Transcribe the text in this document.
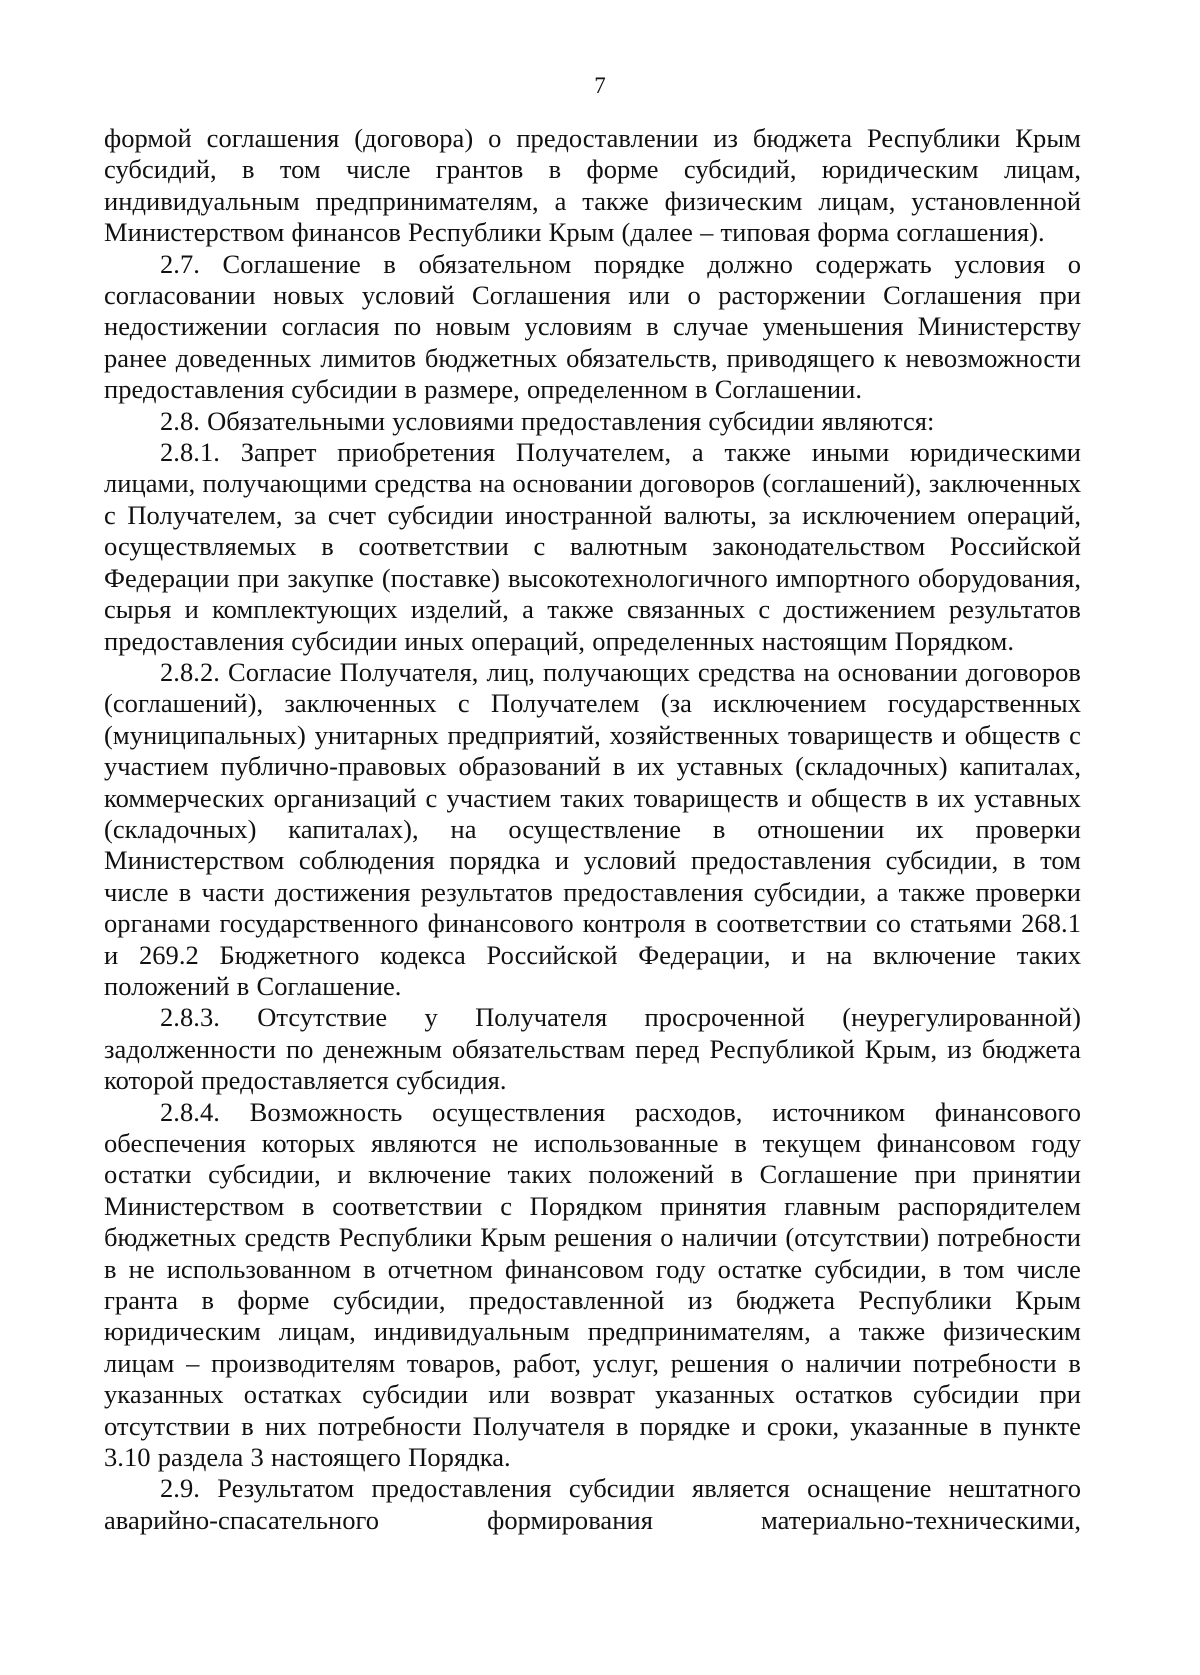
7

формой соглашения (договора) о предоставлении из бюджета Республики Крым субсидий, в том числе грантов в форме субсидий, юридическим лицам, индивидуальным предпринимателям, а также физическим лицам, установленной Министерством финансов Республики Крым (далее – типовая форма соглашения).

2.7. Соглашение в обязательном порядке должно содержать условия о согласовании новых условий Соглашения или о расторжении Соглашения при недостижении согласия по новым условиям в случае уменьшения Министерству ранее доведенных лимитов бюджетных обязательств, приводящего к невозможности предоставления субсидии в размере, определенном в Соглашении.

2.8. Обязательными условиями предоставления субсидии являются:

2.8.1. Запрет приобретения Получателем, а также иными юридическими лицами, получающими средства на основании договоров (соглашений), заключенных с Получателем, за счет субсидии иностранной валюты, за исключением операций, осуществляемых в соответствии с валютным законодательством Российской Федерации при закупке (поставке) высокотехнологичного импортного оборудования, сырья и комплектующих изделий, а также связанных с достижением результатов предоставления субсидии иных операций, определенных настоящим Порядком.

2.8.2. Согласие Получателя, лиц, получающих средства на основании договоров (соглашений), заключенных с Получателем (за исключением государственных (муниципальных) унитарных предприятий, хозяйственных товариществ и обществ с участием публично-правовых образований в их уставных (складочных) капиталах, коммерческих организаций с участием таких товариществ и обществ в их уставных (складочных) капиталах), на осуществление в отношении их проверки Министерством соблюдения порядка и условий предоставления субсидии, в том числе в части достижения результатов предоставления субсидии, а также проверки органами государственного финансового контроля в соответствии со статьями 268.1 и 269.2 Бюджетного кодекса Российской Федерации, и на включение таких положений в Соглашение.

2.8.3. Отсутствие у Получателя просроченной (неурегулированной) задолженности по денежным обязательствам перед Республикой Крым, из бюджета которой предоставляется субсидия.

2.8.4. Возможность осуществления расходов, источником финансового обеспечения которых являются не использованные в текущем финансовом году остатки субсидии, и включение таких положений в Соглашение при принятии Министерством в соответствии с Порядком принятия главным распорядителем бюджетных средств Республики Крым решения о наличии (отсутствии) потребности в не использованном в отчетном финансовом году остатке субсидии, в том числе гранта в форме субсидии, предоставленной из бюджета Республики Крым юридическим лицам, индивидуальным предпринимателям, а также физическим лицам – производителям товаров, работ, услуг, решения о наличии потребности в указанных остатках субсидии или возврат указанных остатков субсидии при отсутствии в них потребности Получателя в порядке и сроки, указанные в пункте 3.10 раздела 3 настоящего Порядка.

2.9. Результатом предоставления субсидии является оснащение нештатного аварийно-спасательного формирования материально-техническими,
